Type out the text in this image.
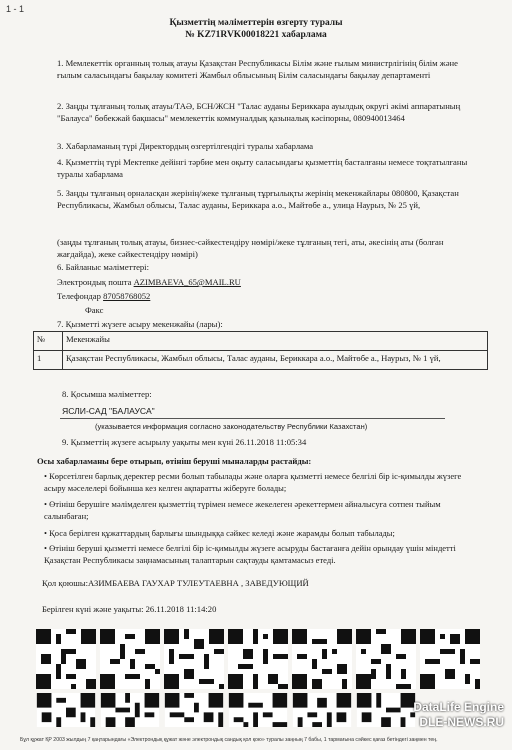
1 - 1
Қызметтің мәліметтерін өзгерту туралы
№ KZ71RVK00018221 хабарлама
1. Мемлекеттік органның толық атауы Қазақстан Республикасы Білім және ғылым министрлігінің білім және ғылым саласындағы бақылау комитеті Жамбыл облысының Білім саласындағы бақылау департаменті
2. Заңды тұлғаның толық атауы/ТАӘ, БСН/ЖСН "Талас ауданы Бериккара ауылдық округі әкімі аппаратының "Балауса" бөбекжай бақшасы" мемлекеттік коммуналдық қазыналық кәсіпорны, 080940013464
3. Хабарламаның түрі Директордың өзгертілгендігі туралы хабарлама
4. Қызметтің түрі Мектепке дейінгі тәрбие мен оқыту саласындағы қызметтің басталғаны немесе тоқтатылғаны туралы хабарлама
5. Заңды тұлғаның орналасқан жерінің/жеке тұлғаның тұрғылықты жерінің мекенжайлары 080800, Қазақстан Республикасы, Жамбыл облысы, Талас ауданы, Бериккара а.о., Майтөбе а., улица Наурыз, № 25 үй,
(заңды тұлғаның толық атауы, бизнес-сәйкестендіру нөмірі/жеке тұлғаның тегі, аты, әкесінің аты (болған жағдайда), жеке сәйкестендіру нөмірі)
6. Байланыс мәліметтері:
Электрондық пошта AZIMBAEVA_65@MAIL.RU
Телефондар 87058768052
Факс
7. Қызметті жүзеге асыру мекенжайы (лары):
№	Мекенжайы
1	Қазақстан Республикасы, Жамбыл облысы, Талас ауданы, Бериккара а.о., Майтөбе а., Наурыз, № 1 үй,
8. Қосымша мәліметтер:
ЯСЛИ-САД "БАЛАУСА"
(указывается информация согласно законодательству Республики Казахстан)
9. Қызметтің жүзеге асырылу уақыты мен күні 26.11.2018 11:05:34
Осы хабарламаны бере отырып, өтініш беруші мыналарды растайды:
• Көрсетілген барлық деректер ресми болып табылады және оларға қызметті немесе белгілі бір іс-қимылды жүзеге асыру мәселелері бойынша кез келген ақпаратты жіберуге болады;
• Өтініш берушіге мәлімделген қызметтің түрімен немесе жекелеген әрекеттермен айналысуға сотпен тыйым салынбаған;
• Қоса берілген құжаттардың барлығы шындыққа сәйкес келеді және жарамды болып табылады;
• Өтініш беруші қызметті немесе белгілі бір іс-қимылды жүзеге асыруды бастағанға дейін орындау үшін міндетті Қазақстан Республикасы заңнамасының талаптарын сақтауды қамтамасыз етеді.
Қол қоюшы:АЗИМБАЕВА ГАУХАР ТУЛЕУТАЕВНА , ЗАВЕДУЮЩИЙ
Берілген күні және уақыты: 26.11.2018 11:14:20
DataLife Engine
DLE-NEWS.RU
Бұл құжат ҚР 2003 жылдың 7 қаңтарындағы «Электрондық құжат және электрондық сандық қол қою» туралы заңның 7 бабы, 1 тармағына сәйкес қағаз бетіндегі заңмен тең.
